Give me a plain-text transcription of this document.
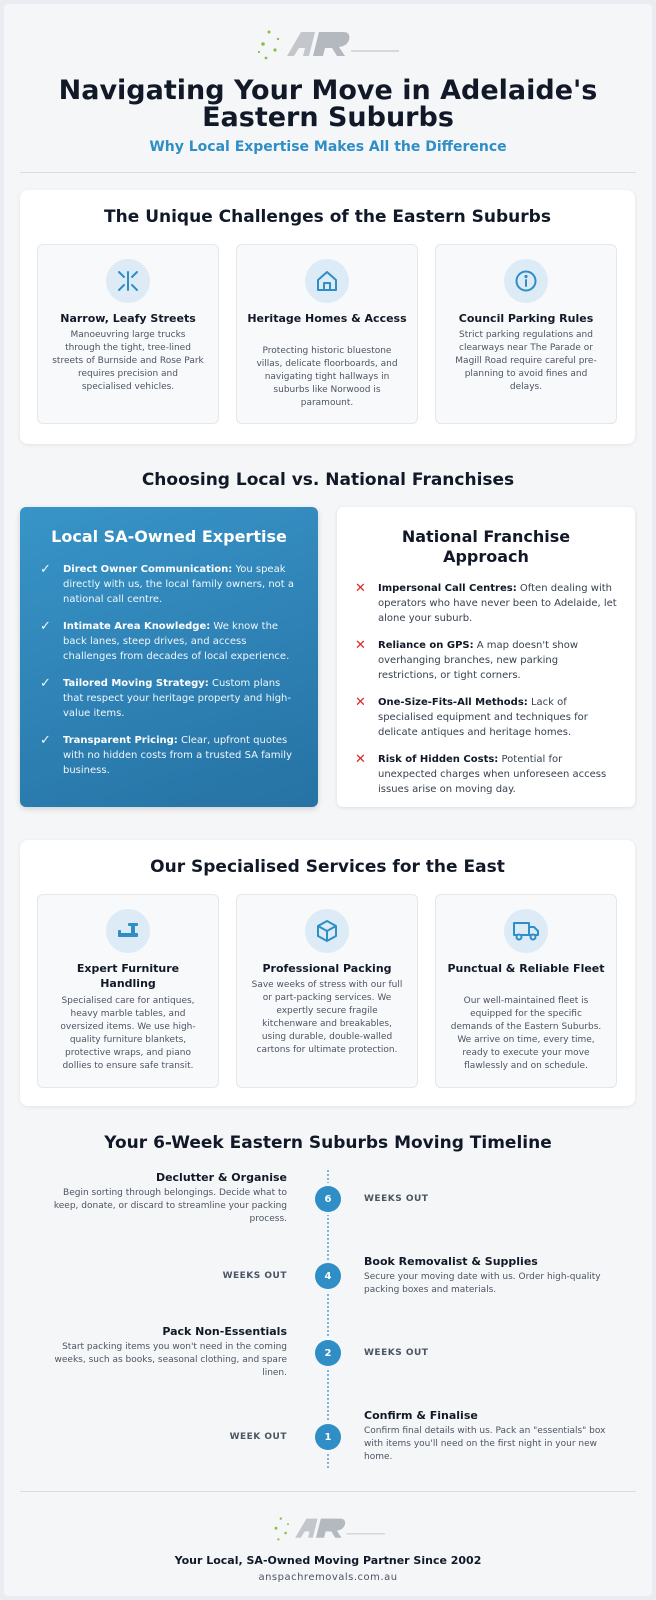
Navigating Your Move in Adelaide's
Eastern Suburbs
Why Local Expertise Makes All the Difference
The Unique Challenges of the Eastern Suburbs
Narrow, Leafy Streets

Manoeuvring large trucks through the tight, tree-lined streets of Burnside and Rose Park requires precision and specialised vehicles.

Heritage Homes & Access

Protecting historic bluestone villas, delicate floorboards, and navigating tight hallways in suburbs like Norwood is paramount.

Council Parking Rules

Strict parking regulations and clearways near The Parade or Magill Road require careful pre-planning to avoid fines and delays.

Choosing Local vs. National Franchises
Local SA-Owned Expertise
✓ Direct Owner Communication: You speak directly with us, the local family owners, not a national call centre.
✓ Intimate Area Knowledge: We know the back lanes, steep drives, and access challenges from decades of local experience.
✓ Tailored Moving Strategy: Custom plans that respect your heritage property and high-value items.
✓ Transparent Pricing: Clear, upfront quotes with no hidden costs from a trusted SA family business.
National Franchise Approach
✕ Impersonal Call Centres: Often dealing with operators who have never been to Adelaide, let alone your suburb.
✕ Reliance on GPS: A map doesn't show overhanging branches, new parking restrictions, or tight corners.
✕ One-Size-Fits-All Methods: Lack of specialised equipment and techniques for delicate antiques and heritage homes.
✕ Risk of Hidden Costs: Potential for unexpected charges when unforeseen access issues arise on moving day.
Our Specialised Services for the East
Expert Furniture Handling

Specialised care for antiques, heavy marble tables, and oversized items. We use high-quality furniture blankets, protective wraps, and piano dollies to ensure safe transit.

Professional Packing

Save weeks of stress with our full or part-packing services. We expertly secure fragile kitchenware and breakables, using durable, double-walled cartons for ultimate protection.

Punctual & Reliable Fleet

Our well-maintained fleet is equipped for the specific demands of the Eastern Suburbs. We arrive on time, every time, ready to execute your move flawlessly and on schedule.

Your 6-Week Eastern Suburbs Moving Timeline
Declutter & Organise
Begin sorting through belongings. Decide what to keep, donate, or discard to streamline your packing process.
6	WEEKS OUT
WEEKS OUT	4
Book Removalist & Supplies
Secure your moving date with us. Order high-quality packing boxes and materials.
Pack Non-Essentials
Start packing items you won't need in the coming weeks, such as books, seasonal clothing, and spare linen.
2	WEEKS OUT
WEEK OUT	1
Confirm & Finalise
Confirm final details with us. Pack an "essentials" box with items you'll need on the first night in your new home.
Your Local, SA-Owned Moving Partner Since 2002
anspachremovals.com.au
